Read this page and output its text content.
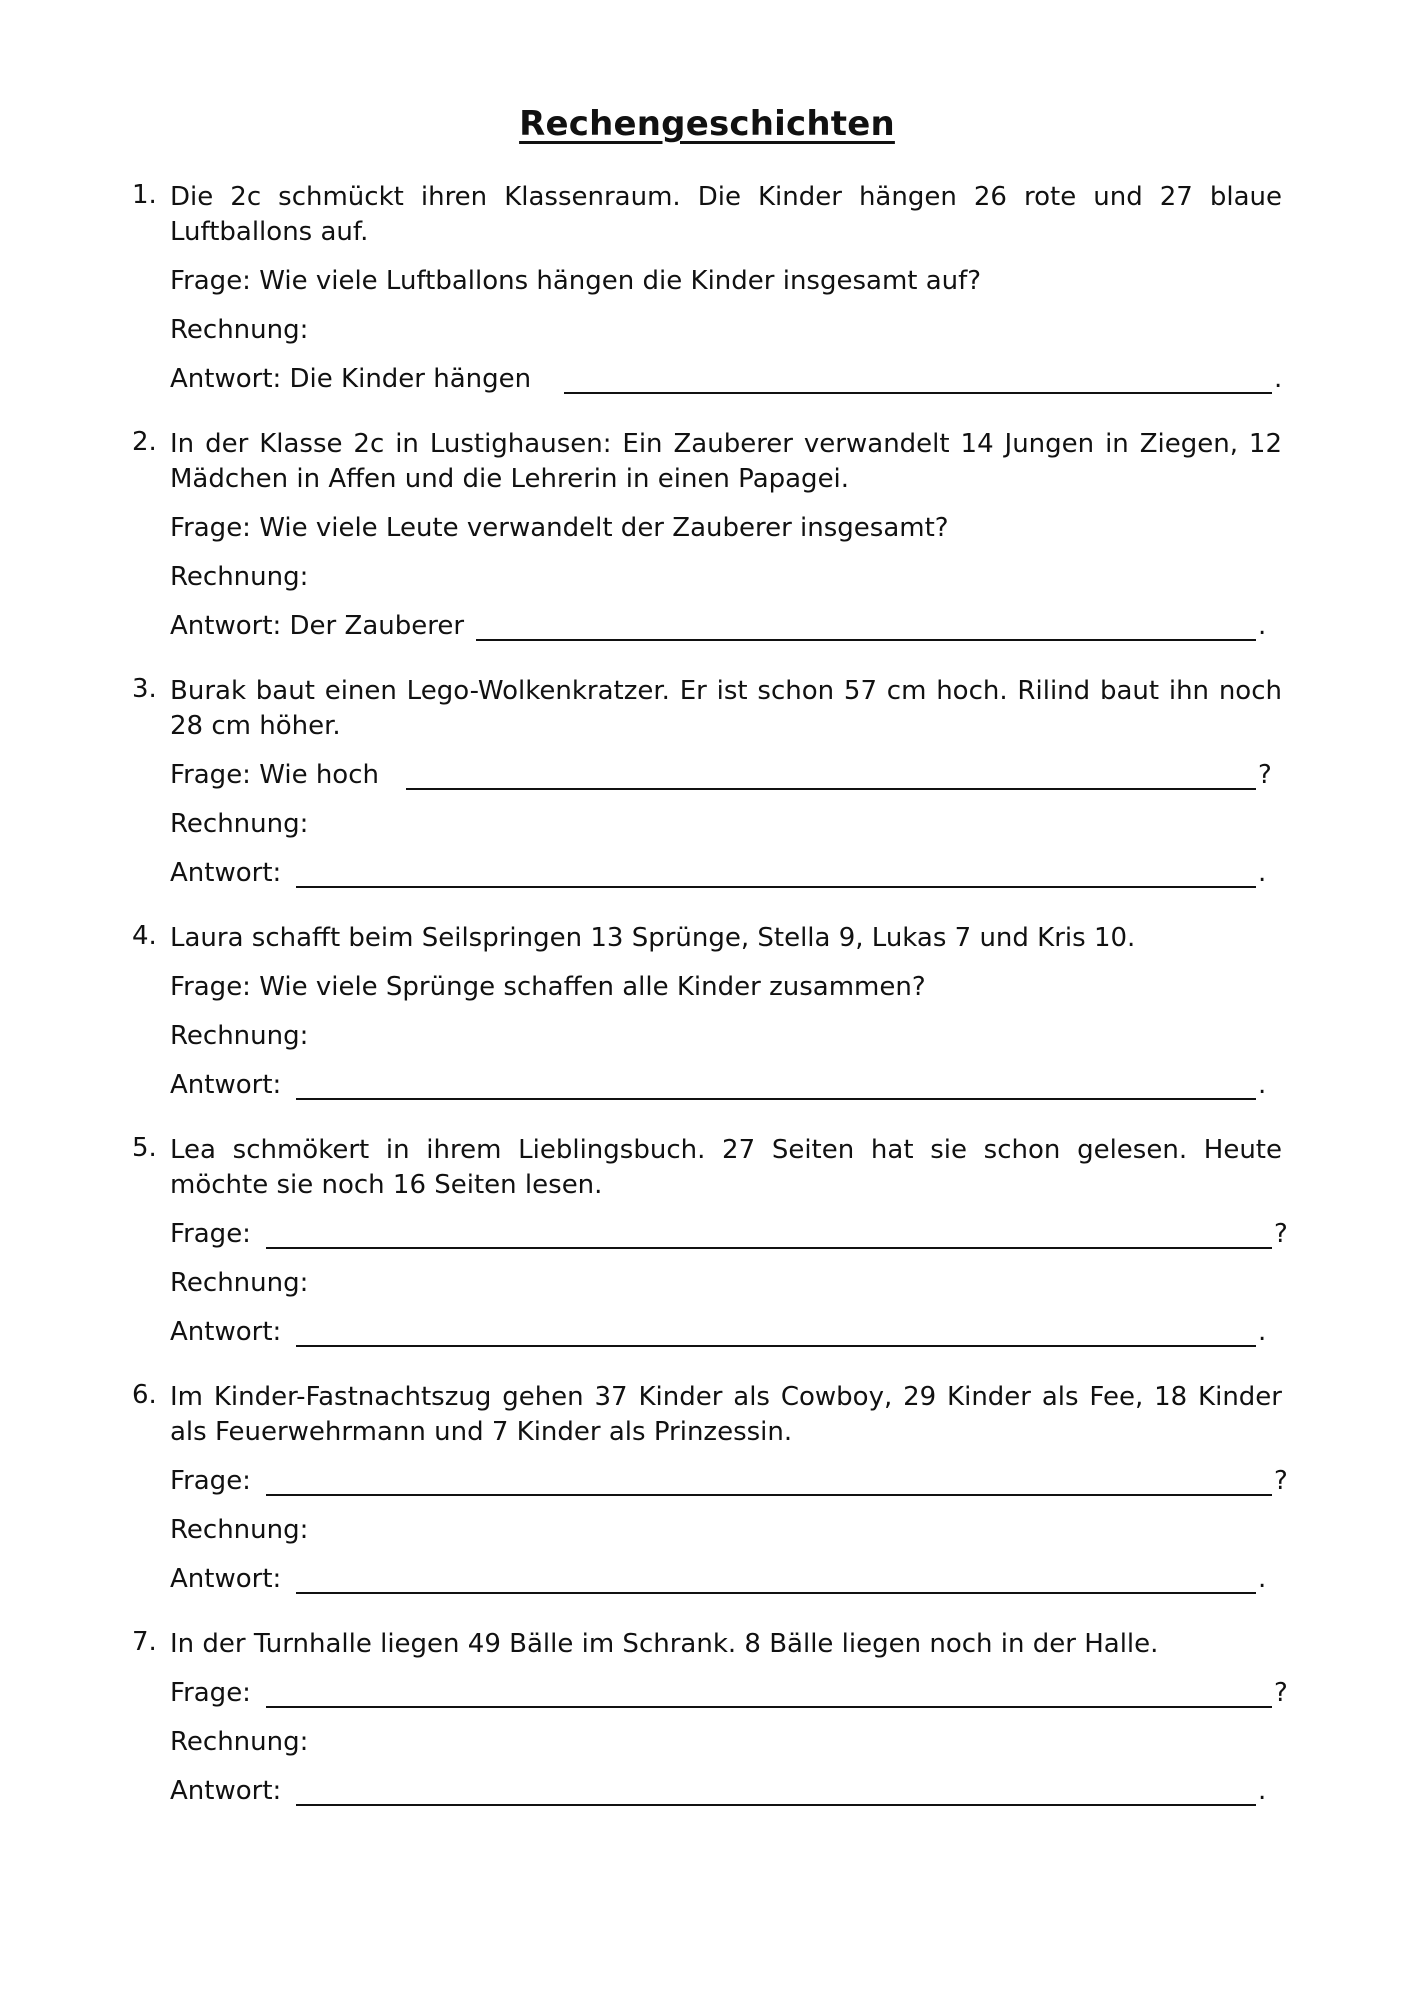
Rechengeschichten
1. Die 2c schmückt ihren Klassenraum. Die Kinder hängen 26 rote und 27 blaue Luftballons auf.

Frage: Wie viele Luftballons hängen die Kinder insgesamt auf?
Rechnung:
Antwort: Die Kinder hängen	.
2. In der Klasse 2c in Lustighausen: Ein Zauberer verwandelt 14 Jungen in Ziegen, 12 Mädchen in Affen und die Lehrerin in einen Papagei.

Frage: Wie viele Leute verwandelt der Zauberer insgesamt?
Rechnung:
Antwort: Der Zauberer	.
3. Burak baut einen Lego-Wolkenkratzer. Er ist schon 57 cm hoch. Rilind baut ihn noch 28 cm höher.

Frage: Wie hoch	?
Rechnung:
Antwort:	.
4. Laura schafft beim Seilspringen 13 Sprünge, Stella 9, Lukas 7 und Kris 10.

Frage: Wie viele Sprünge schaffen alle Kinder zusammen?
Rechnung:
Antwort:	.
5. Lea schmökert in ihrem Lieblingsbuch. 27 Seiten hat sie schon gelesen. Heute möchte sie noch 16 Seiten lesen.

Frage:	?
Rechnung:
Antwort:	.
6. Im Kinder-Fastnachtszug gehen 37 Kinder als Cowboy, 29 Kinder als Fee, 18 Kinder als Feuerwehrmann und 7 Kinder als Prinzessin.

Frage:	?
Rechnung:
Antwort:	.
7. In der Turnhalle liegen 49 Bälle im Schrank. 8 Bälle liegen noch in der Halle.

Frage:	?
Rechnung:
Antwort:	.
